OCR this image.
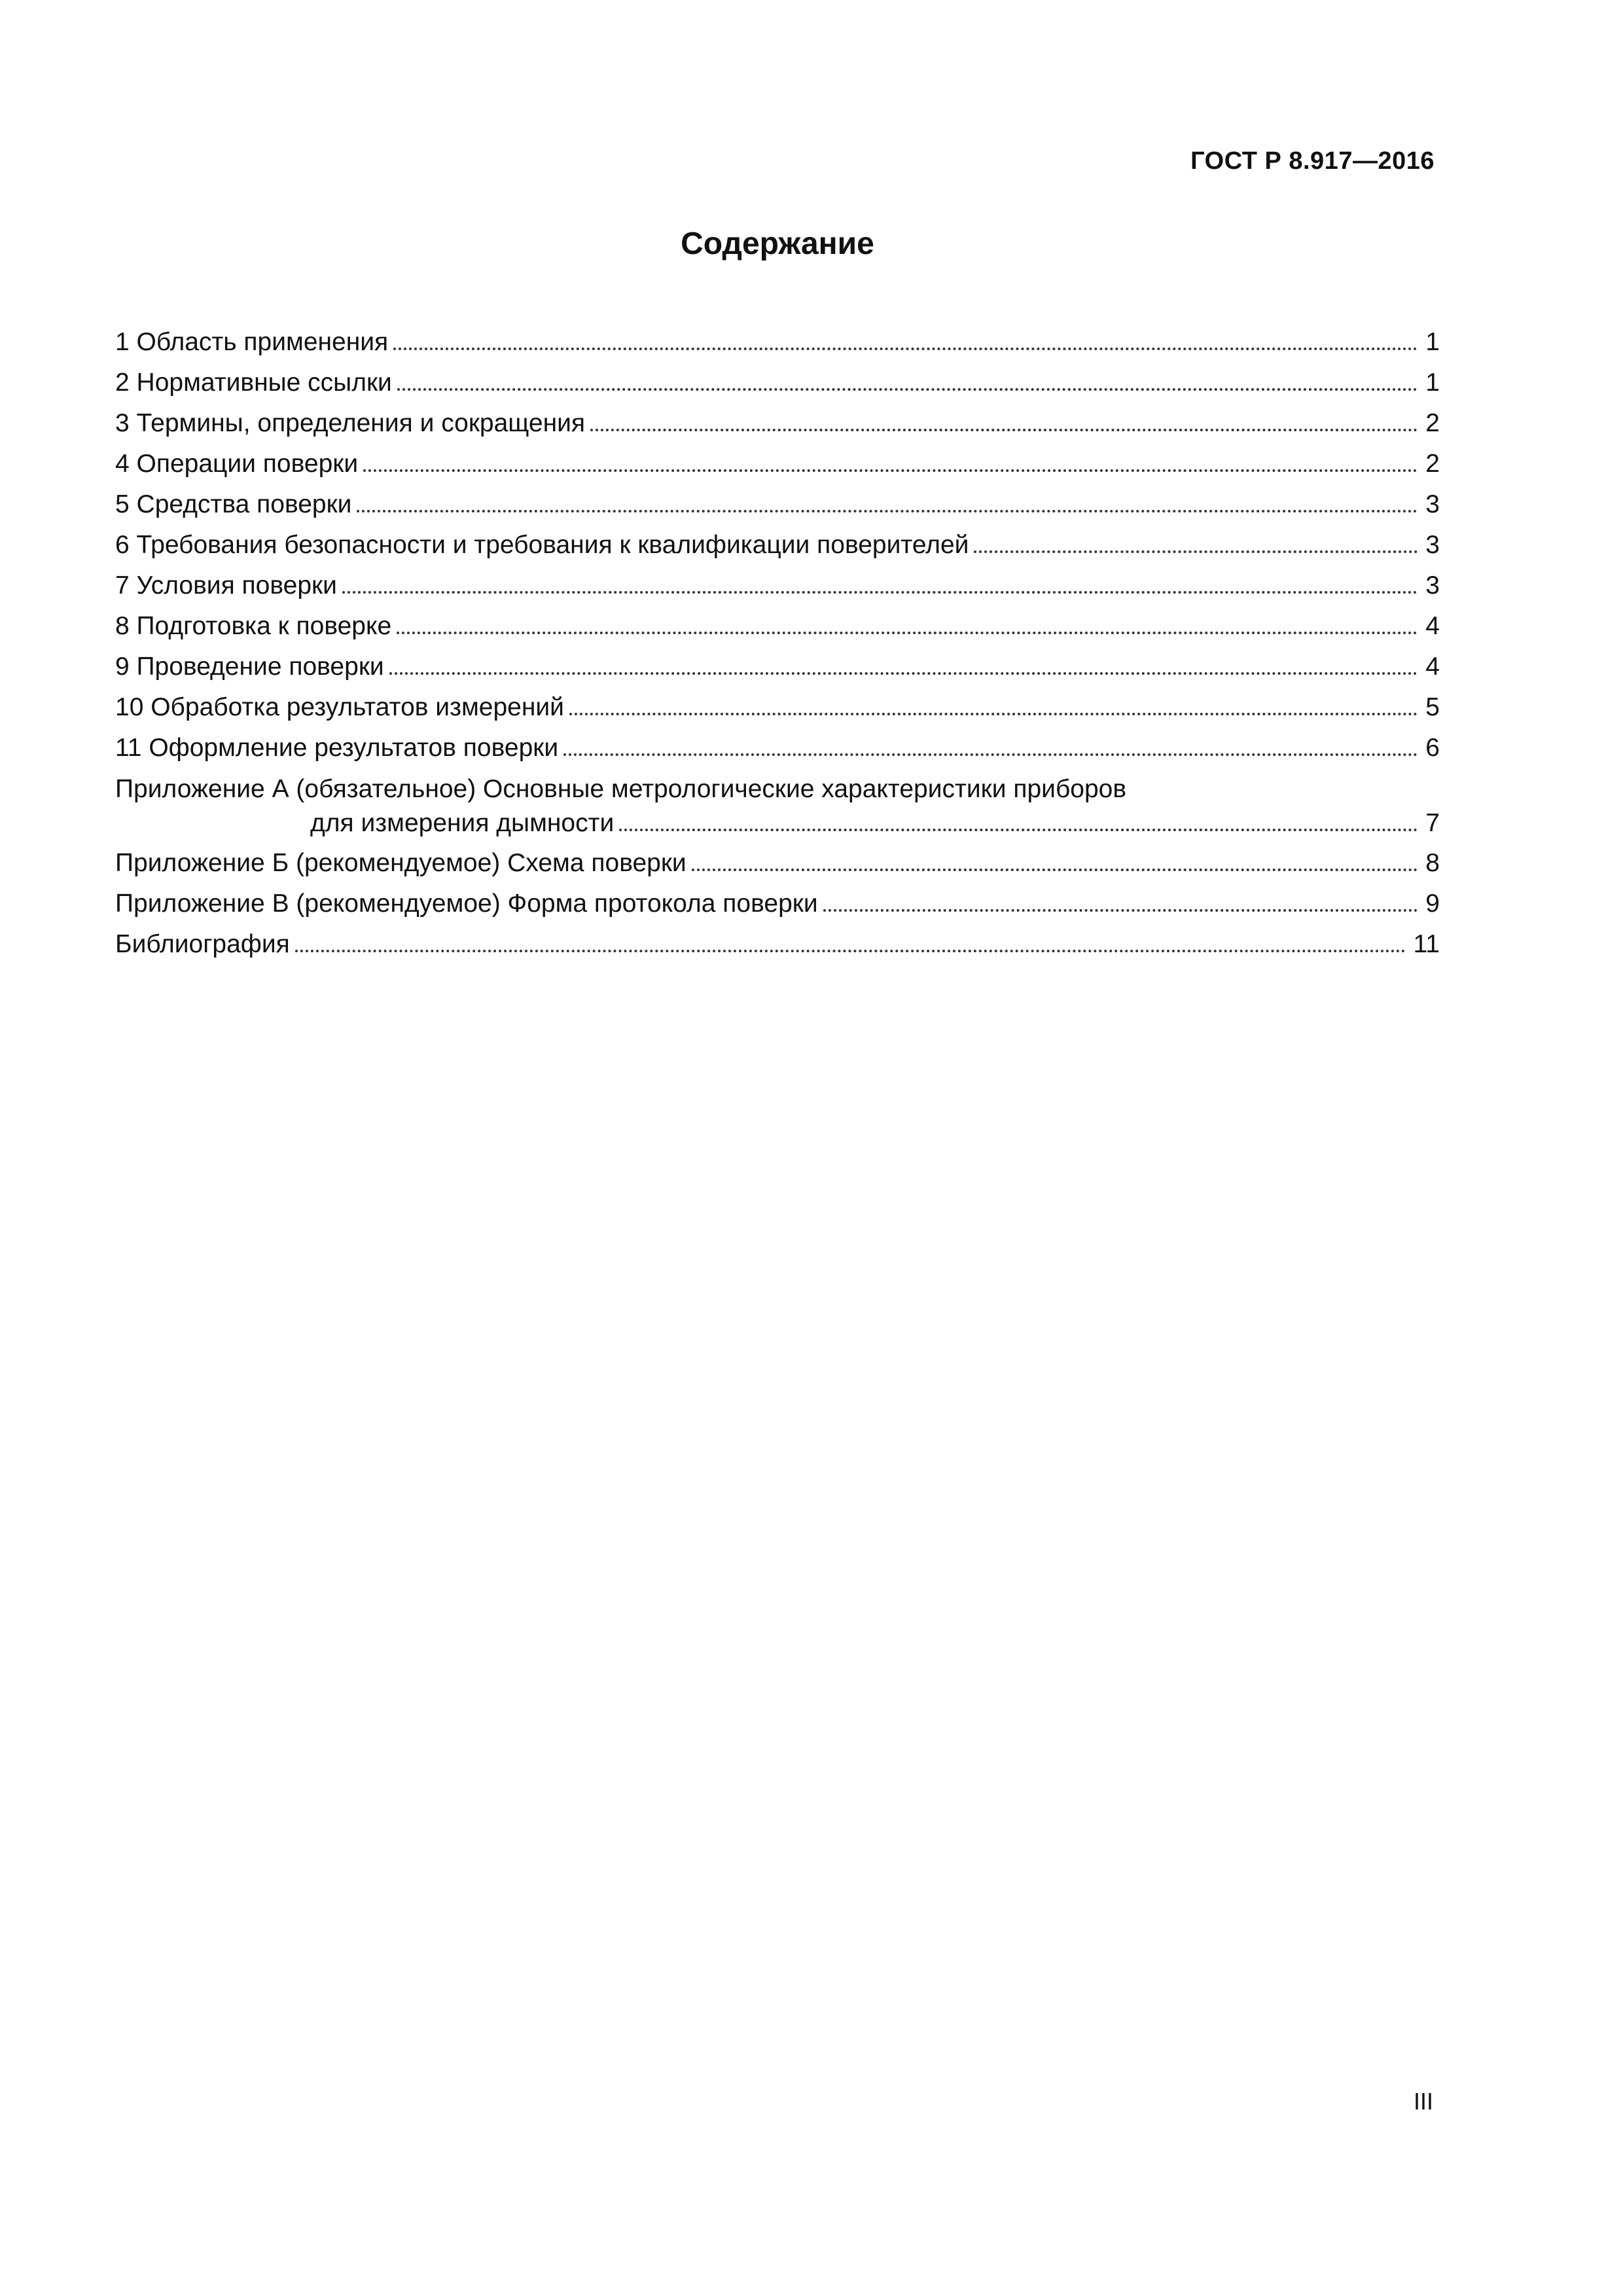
ГОСТ Р 8.917—2016
Содержание
1 Область применения	1
2 Нормативные ссылки	1
3 Термины, определения и сокращения	2
4 Операции поверки	2
5 Средства поверки	3
6 Требования безопасности и требования к квалификации поверителей	3
7 Условия поверки	3
8 Подготовка к поверке	4
9 Проведение поверки	4
10 Обработка результатов измерений	5
11 Оформление результатов поверки	6
Приложение А (обязательное) Основные метрологические характеристики приборов
для измерения дымности	7
Приложение Б (рекомендуемое) Схема поверки	8
Приложение В (рекомендуемое) Форма протокола поверки	9
Библиография	11
III
